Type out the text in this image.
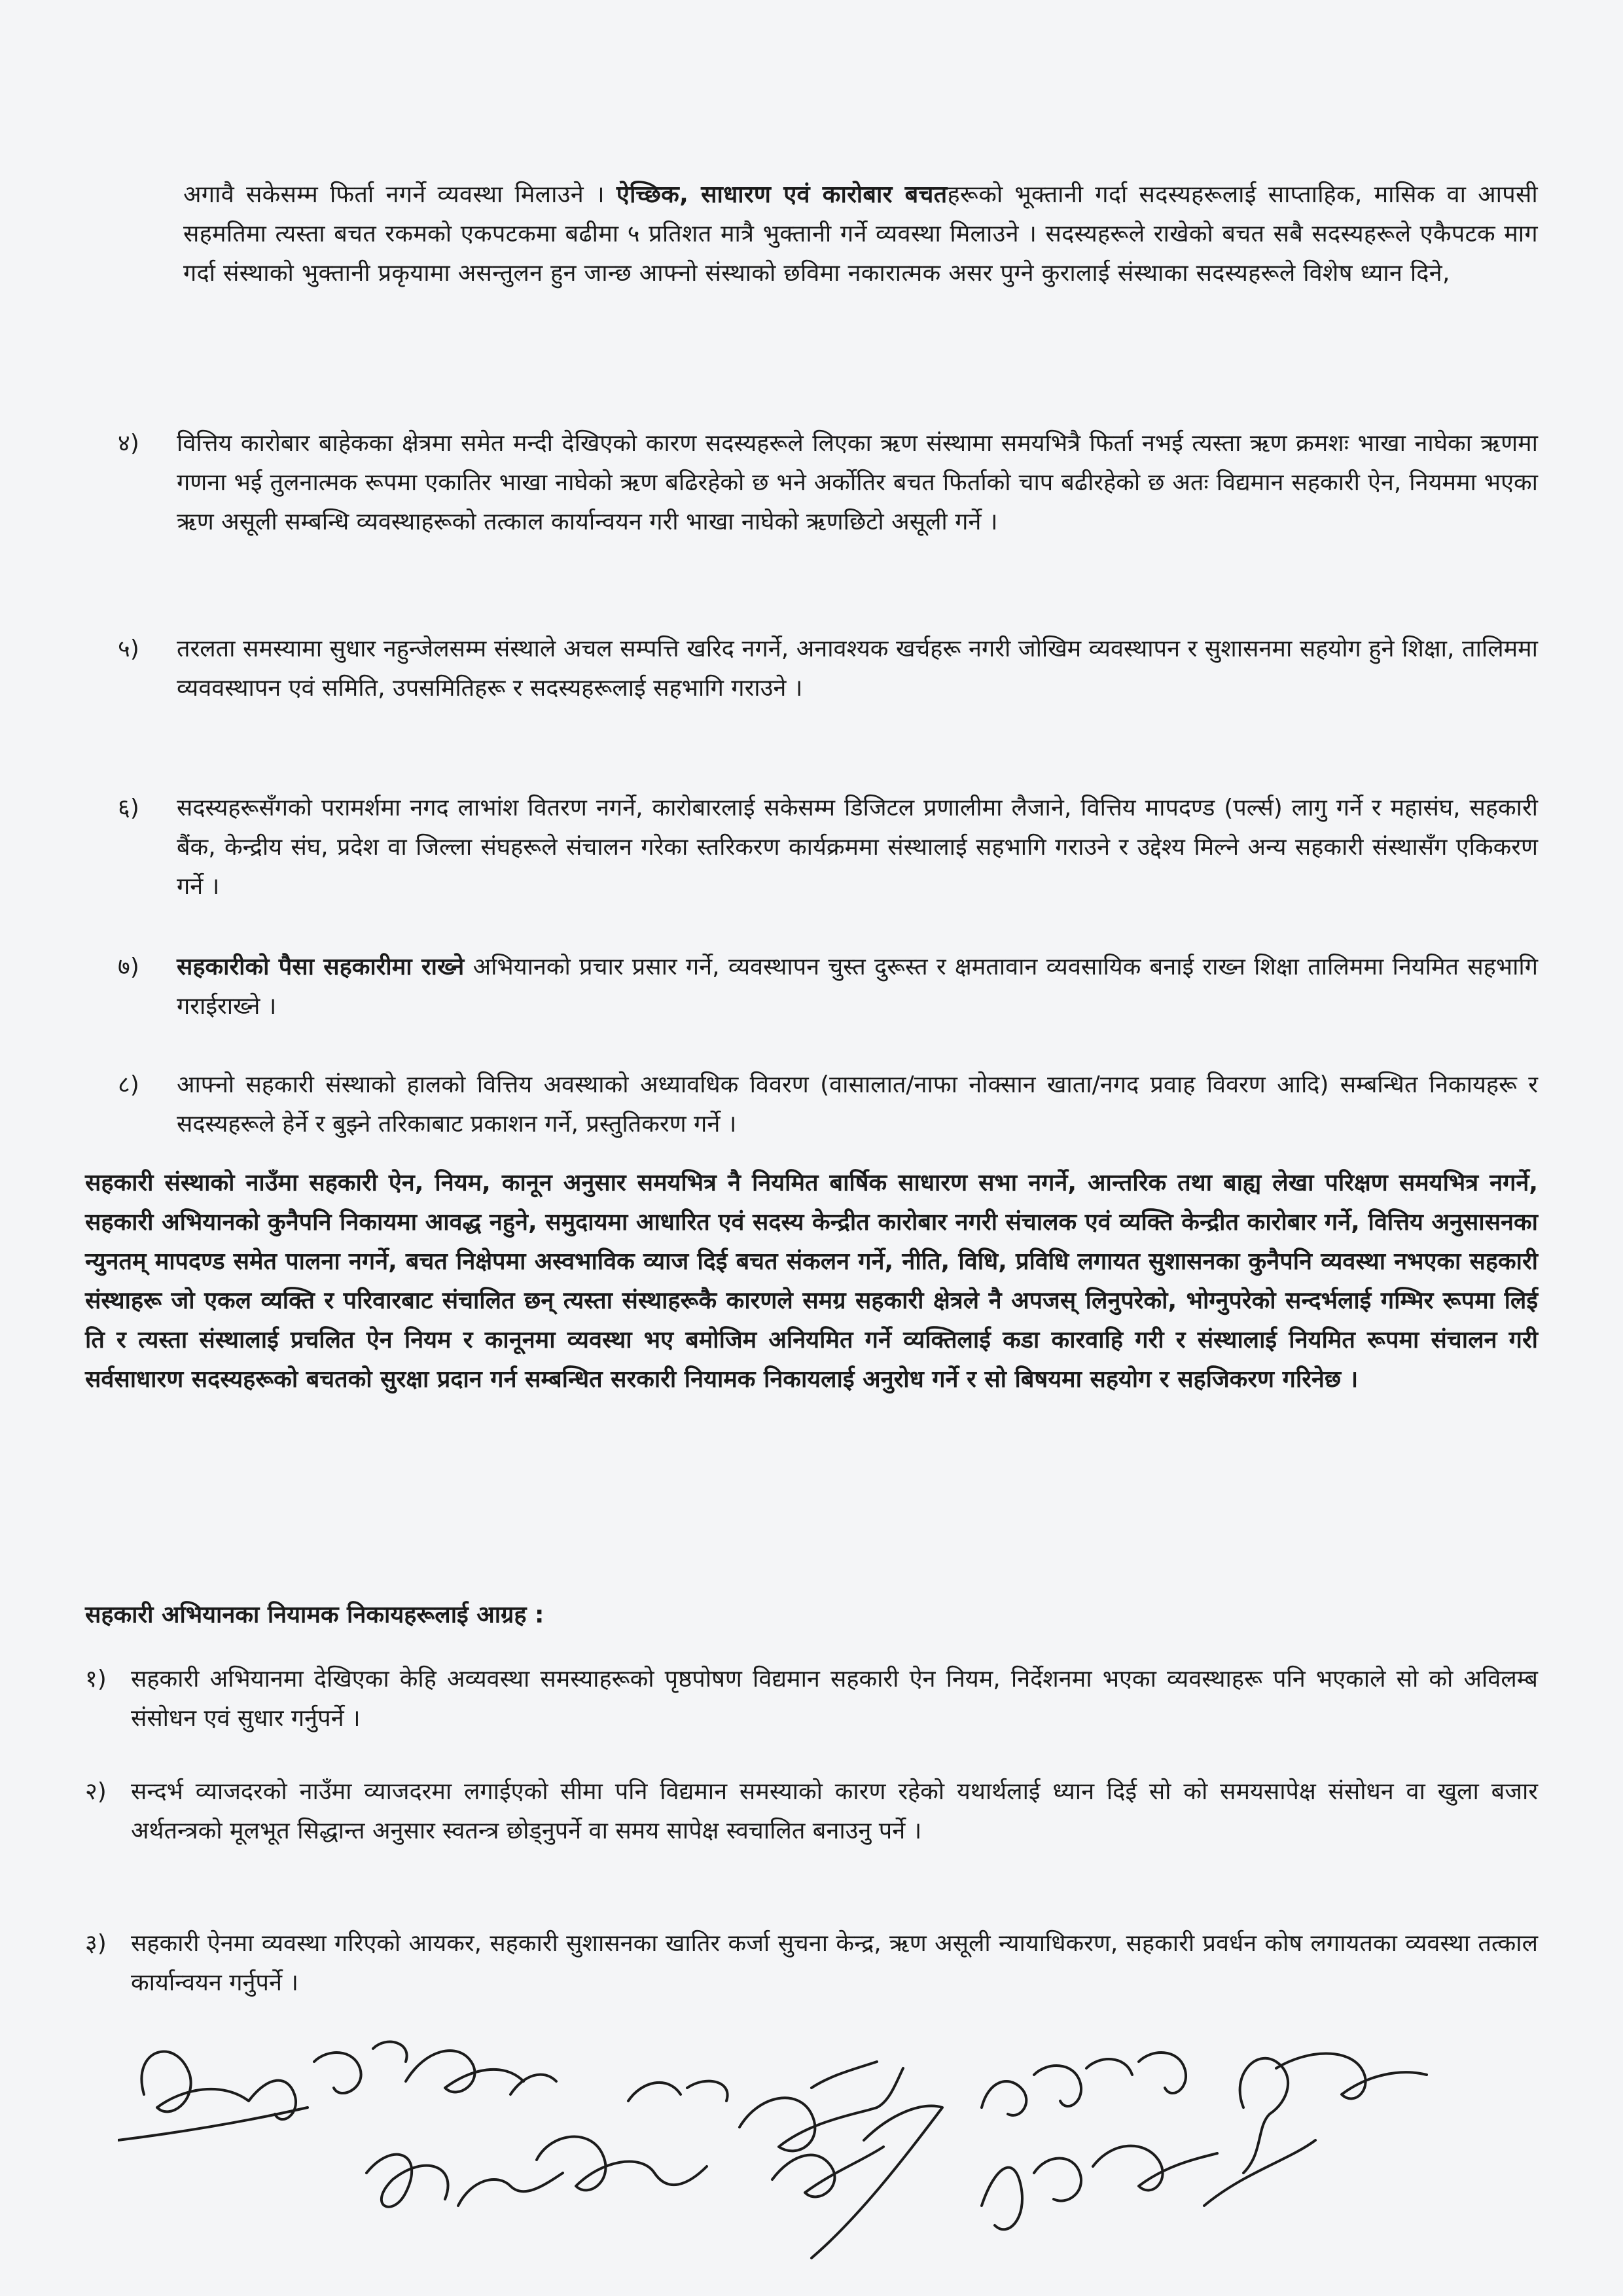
अगावै सकेसम्म फिर्ता नगर्ने व्यवस्था मिलाउने । ऐच्छिक, साधारण एवं कारोबार बचतहरूको भूक्तानी गर्दा सदस्यहरूलाई साप्ताहिक, मासिक वा आपसी सहमतिमा त्यस्ता बचत रकमको एकपटकमा बढीमा ५ प्रतिशत मात्रै भुक्तानी गर्ने व्यवस्था मिलाउने । सदस्यहरूले राखेको बचत सबै सदस्यहरूले एकैपटक माग गर्दा संस्थाको भुक्तानी प्रकृयामा असन्तुलन हुन जान्छ आफ्नो संस्थाको छविमा नकारात्मक असर पुग्ने कुरालाई संस्थाका सदस्यहरूले विशेष ध्यान दिने,
४) वित्तिय कारोबार बाहेकका क्षेत्रमा समेत मन्दी देखिएको कारण सदस्यहरूले लिएका ऋण संस्थामा समयभित्रै फिर्ता नभई त्यस्ता ऋण क्रमशः भाखा नाघेका ऋणमा गणना भई तुलनात्मक रूपमा एकातिर भाखा नाघेको ऋण बढिरहेको छ भने अर्कोतिर बचत फिर्ताको चाप बढीरहेको छ अतः विद्यमान सहकारी ऐन, नियममा भएका ऋण असूली सम्बन्धि व्यवस्थाहरूको तत्काल कार्यान्वयन गरी भाखा नाघेको ऋणछिटो असूली गर्ने ।
५) तरलता समस्यामा सुधार नहुन्जेलसम्म संस्थाले अचल सम्पत्ति खरिद नगर्ने, अनावश्यक खर्चहरू नगरी जोखिम व्यवस्थापन र सुशासनमा सहयोग हुने शिक्षा, तालिममा व्यववस्थापन एवं समिति, उपसमितिहरू र सदस्यहरूलाई सहभागि गराउने ।
६) सदस्यहरूसँगको परामर्शमा नगद लाभांश वितरण नगर्ने, कारोबारलाई सकेसम्म डिजिटल प्रणालीमा लैजाने, वित्तिय मापदण्ड (पर्ल्स) लागु गर्ने र महासंघ, सहकारी बैंक, केन्द्रीय संघ, प्रदेश वा जिल्ला संघहरूले संचालन गरेका स्तरिकरण कार्यक्रममा संस्थालाई सहभागि गराउने र उद्देश्य मिल्ने अन्य सहकारी संस्थासँग एकिकरण गर्ने ।
७) सहकारीको पैसा सहकारीमा राख्ने अभियानको प्रचार प्रसार गर्ने, व्यवस्थापन चुस्त दुरूस्त र क्षमतावान व्यवसायिक बनाई राख्न शिक्षा तालिममा नियमित सहभागि गराईराख्ने ।
८) आफ्नो सहकारी संस्थाको हालको वित्तिय अवस्थाको अध्यावधिक विवरण (वासालात/नाफा नोक्सान खाता/नगद प्रवाह विवरण आदि) सम्बन्धित निकायहरू र सदस्यहरूले हेर्ने र बुझ्ने तरिकाबाट प्रकाशन गर्ने, प्रस्तुतिकरण गर्ने ।
सहकारी संस्थाको नाउँमा सहकारी ऐन, नियम, कानून अनुसार समयभित्र नै नियमित बार्षिक साधारण सभा नगर्ने, आन्तरिक तथा बाह्य लेखा परिक्षण समयभित्र नगर्ने, सहकारी अभियानको कुनैपनि निकायमा आवद्ध नहुने, समुदायमा आधारित एवं सदस्य केन्द्रीत कारोबार नगरी संचालक एवं व्यक्ति केन्द्रीत कारोबार गर्ने, वित्तिय अनुसासनका न्युनतम् मापदण्ड समेत पालना नगर्ने, बचत निक्षेपमा अस्वभाविक व्याज दिई बचत संकलन गर्ने, नीति, विधि, प्रविधि लगायत सुशासनका कुनैपनि व्यवस्था नभएका सहकारी संस्थाहरू जो एकल व्यक्ति र परिवारबाट संचालित छन् त्यस्ता संस्थाहरूकै कारणले समग्र सहकारी क्षेत्रले नै अपजस् लिनुपरेको, भोग्नुपरेको सन्दर्भलाई गम्भिर रूपमा लिई ति र त्यस्ता संस्थालाई प्रचलित ऐन नियम र कानूनमा व्यवस्था भए बमोजिम अनियमित गर्ने व्यक्तिलाई कडा कारवाहि गरी र संस्थालाई नियमित रूपमा संचालन गरी सर्वसाधारण सदस्यहरूको बचतको सुरक्षा प्रदान गर्न सम्बन्धित सरकारी नियामक निकायलाई अनुरोध गर्ने र सो बिषयमा सहयोग र सहजिकरण गरिनेछ ।
सहकारी अभियानका नियामक निकायहरूलाई आग्रह :
१) सहकारी अभियानमा देखिएका केहि अव्यवस्था समस्याहरूको पृष्ठपोषण विद्यमान सहकारी ऐन नियम, निर्देशनमा भएका व्यवस्थाहरू पनि भएकाले सो को अविलम्ब संसोधन एवं सुधार गर्नुपर्ने ।
२) सन्दर्भ व्याजदरको नाउँमा व्याजदरमा लगाईएको सीमा पनि विद्यमान समस्याको कारण रहेको यथार्थलाई ध्यान दिई सो को समयसापेक्ष संसोधन वा खुला बजार अर्थतन्त्रको मूलभूत सिद्धान्त अनुसार स्वतन्त्र छोड्नुपर्ने वा समय सापेक्ष स्वचालित बनाउनु पर्ने ।
३) सहकारी ऐनमा व्यवस्था गरिएको आयकर, सहकारी सुशासनका खातिर कर्जा सुचना केन्द्र, ऋण असूली न्यायाधिकरण, सहकारी प्रवर्धन कोष लगायतका व्यवस्था तत्काल कार्यान्वयन गर्नुपर्ने ।
